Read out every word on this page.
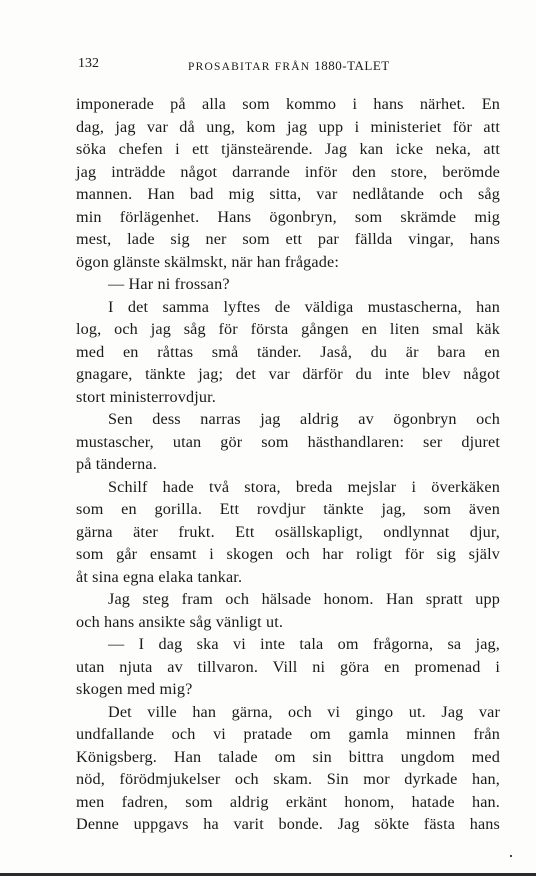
132	PROSABITAR FRÅN 1880-TALET
imponerade på alla som kommo i hans närhet. En
dag, jag var då ung, kom jag upp i ministeriet för att
söka chefen i ett tjänsteärende. Jag kan icke neka, att
jag inträdde något darrande inför den store, berömde
mannen. Han bad mig sitta, var nedlåtande och såg
min förlägenhet. Hans ögonbryn, som skrämde mig
mest, lade sig ner som ett par fällda vingar, hans
ögon glänste skälmskt, när han frågade:
— Har ni frossan?
I det samma lyftes de väldiga mustascherna, han
log, och jag såg för första gången en liten smal käk
med en råttas små tänder. Jaså, du är bara en
gnagare, tänkte jag; det var därför du inte blev något
stort ministerrovdjur.
Sen dess narras jag aldrig av ögonbryn och
mustascher, utan gör som hästhandlaren: ser djuret
på tänderna.
Schilf hade två stora, breda mejslar i överkäken
som en gorilla. Ett rovdjur tänkte jag, som även
gärna äter frukt. Ett osällskapligt, ondlynnat djur,
som går ensamt i skogen och har roligt för sig själv
åt sina egna elaka tankar.
Jag steg fram och hälsade honom. Han spratt upp
och hans ansikte såg vänligt ut.
— I dag ska vi inte tala om frågorna, sa jag,
utan njuta av tillvaron. Vill ni göra en promenad i
skogen med mig?
Det ville han gärna, och vi gingo ut. Jag var
undfallande och vi pratade om gamla minnen från
Königsberg. Han talade om sin bittra ungdom med
nöd, förödmjukelser och skam. Sin mor dyrkade han,
men fadren, som aldrig erkänt honom, hatade han.
Denne uppgavs ha varit bonde. Jag sökte fästa hans
